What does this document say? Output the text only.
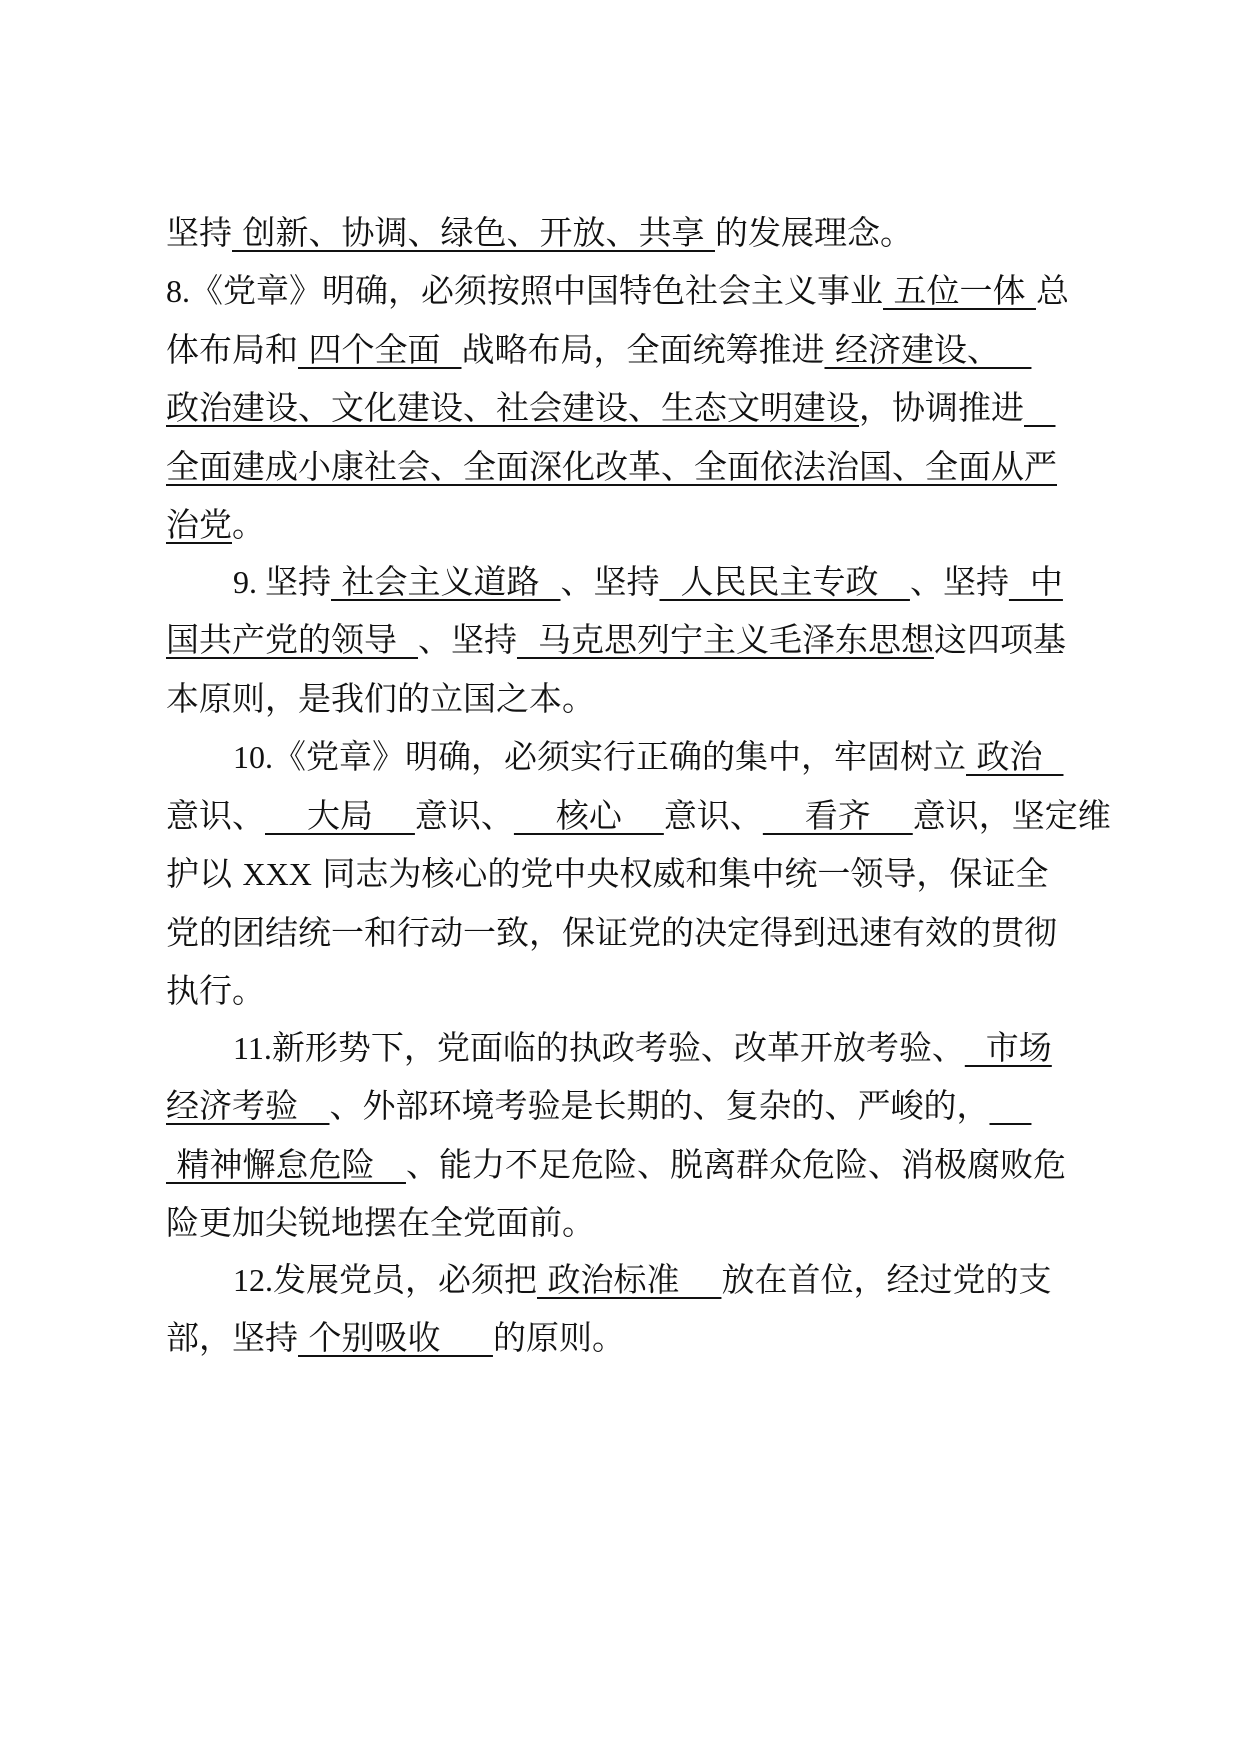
坚持 创新、协调、绿色、开放、共享 的发展理念。
8.《党章》明确，必须按照中国特色社会主义事业 五位一体 总
体布局和 四个全面  战略布局，全面统筹推进 经济建设、
政治建设、文化建设、社会建设、生态文明建设，协调推进
全面建成小康社会、全面深化改革、全面依法治国、全面从严
治党。
9. 坚持 社会主义道路  、坚持  人民民主专政   、坚持  中
国共产党的领导  、坚持  马克思列宁主义毛泽东思想这四项基
本原则，是我们的立国之本。
10.《党章》明确，必须实行正确的集中，牢固树立 政治
意识、    大局    意识、    核心    意识、    看齐    意识，坚定维
护以 XXX 同志为核心的党中央权威和集中统一领导，保证全
党的团结统一和行动一致，保证党的决定得到迅速有效的贯彻
执行。
11.新形势下，党面临的执政考验、改革开放考验、  市场
经济考验   、外部环境考验是长期的、复杂的、严峻的，
精神懈怠危险   、能力不足危险、脱离群众危险、消极腐败危
险更加尖锐地摆在全党面前。
12.发展党员，必须把 政治标准    放在首位，经过党的支
部，坚持 个别吸收     的原则。
